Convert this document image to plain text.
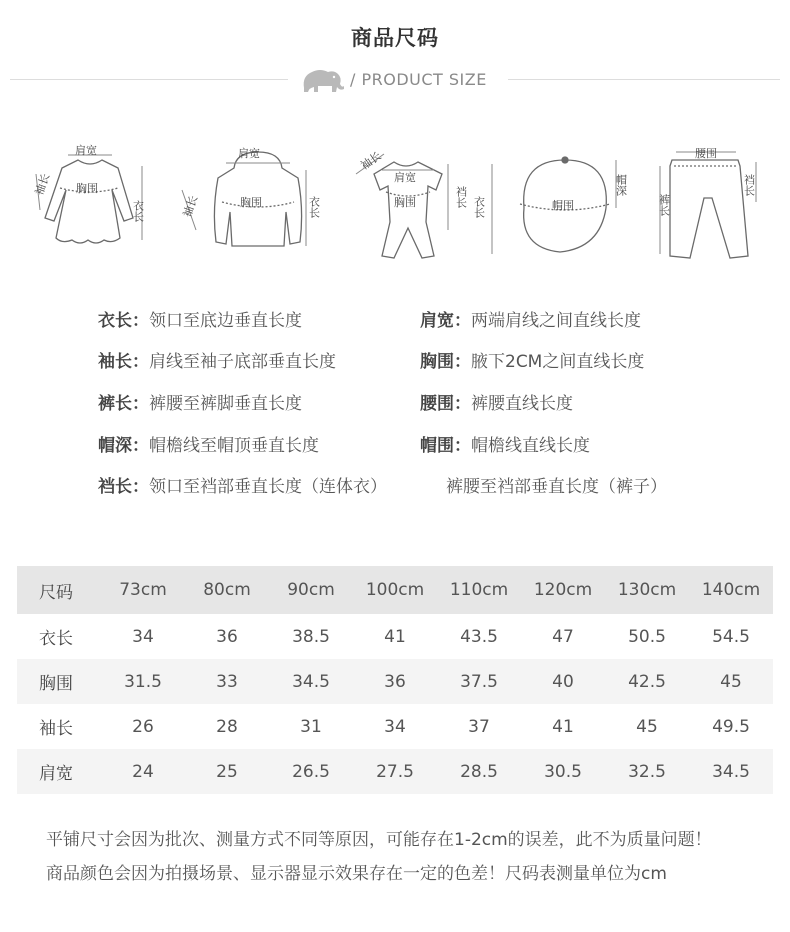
商品尺码
/ PRODUCT SIZE
肩宽
胸围
衣长
袖长
肩宽
胸围	衣长
袖长
袖长
肩宽
胸围	裆长 衣长	帽围
帽深
腰围
裤长
裆长
衣长：领口至底边垂直长度	肩宽：两端肩线之间直线长度
袖长：肩线至袖子底部垂直长度	胸围：腋下2CM之间直线长度
裤长：裤腰至裤脚垂直长度	腰围：裤腰直线长度
帽深：帽檐线至帽顶垂直长度	帽围：帽檐线直线长度
裆长：领口至裆部垂直长度（连体衣）	裤腰至裆部垂直长度（裤子）
尺码	73cm	80cm	90cm	100cm	110cm	120cm	130cm	140cm
衣长	34	36	38.5	41	43.5	47	50.5	54.5
胸围	31.5	33	34.5	36	37.5	40	42.5	45
袖长	26	28	31	34	37	41	45	49.5
肩宽	24	25	26.5	27.5	28.5	30.5	32.5	34.5
平铺尺寸会因为批次、测量方式不同等原因，可能存在1-2cm的误差，此不为质量问题！
商品颜色会因为拍摄场景、显示器显示效果存在一定的色差！尺码表测量单位为cm
